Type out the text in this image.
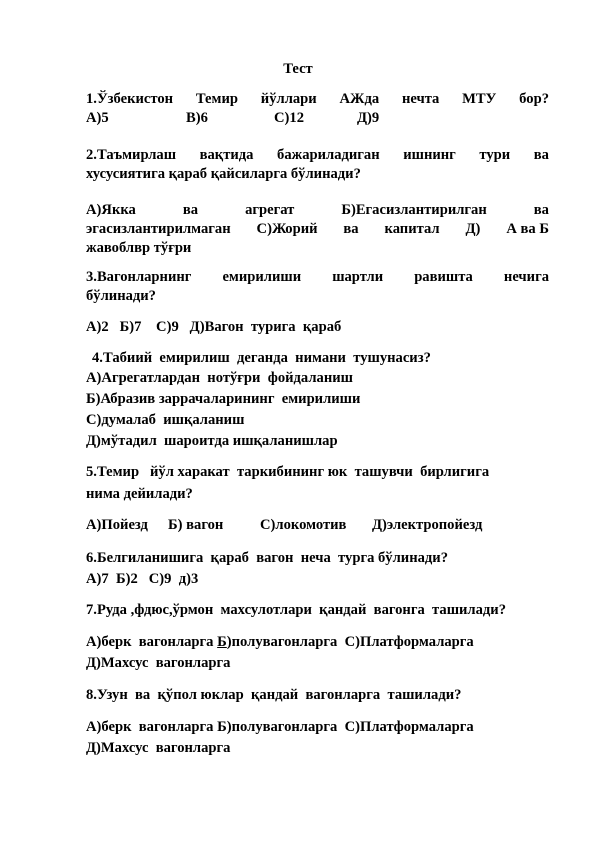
Тест
1.Ўзбекистон Темир йўллари АЖда нечта МТУ бор?
А)5	В)6	С)12	Д)9
2.Таъмирлаш вақтида бажариладиган ишнинг тури ва
хусусиятига қараб қайсиларга бўлинади?
А)Якка	ва	агрегат	Б)Егасизлантирилган	ва
эгасизлантирилмаган С)Жорий ва капитал Д) А ва Б
жавоблвр тўғри
3.Вагонларнинг емирилиши шартли равишта нечига
бўлинади?
А)2   Б)7    С)9   Д)Вагон  турига  қараб
4.Табиий  емирилиш  деганда  нимани  тушунасиз?
А)Агрегатлардан  нотўғри  фойдаланиш
Б)Абразив заррачаларининг  емирилиши
С)думалаб  ишқаланиш
Д)мўтадил  шароитда ишқаланишлар
5.Темир   йўл харакат  таркибининг юк  ташувчи  бирлигига
нима дейилади?
А)Пойезд Б) вагон	С)локомотив Д)электропойезд
6.Белгиланишига  қараб  вагон  неча  турга бўлинади?
А)7  Б)2   С)9  д)3
7.Руда ,фдюс,ўрмон  махсулотлари  қандай  вагонга  ташилади?
А)берк  вагонларга Б)полувагонларга  С)Платформаларга
Д)Махсус  вагонларга
8.Узун  ва  қўпол юклар  қандай  вагонларга  ташилади?
А)берк  вагонларга Б)полувагонларга  С)Платформаларга
Д)Махсус  вагонларга
